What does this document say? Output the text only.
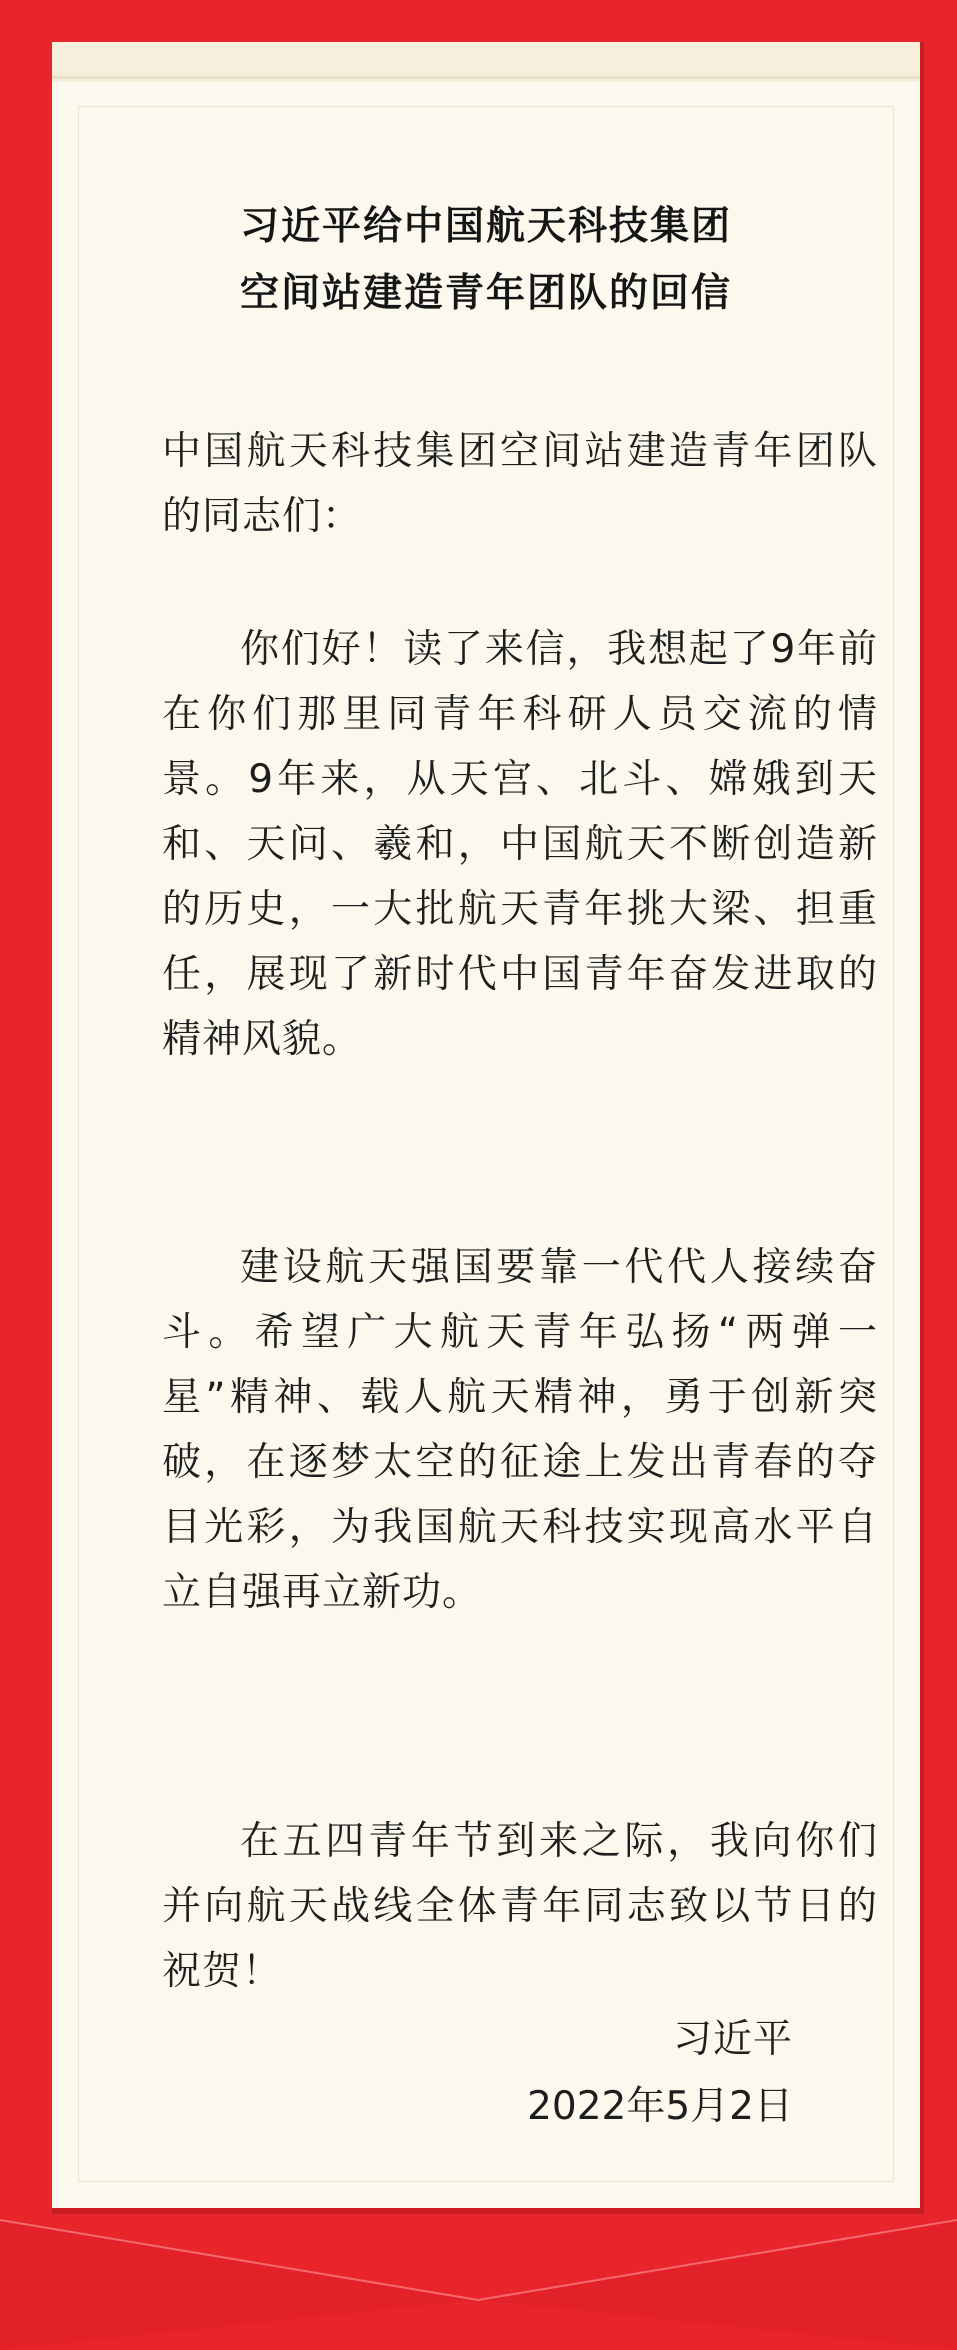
习近平给中国航天科技集团
空间站建造青年团队的回信

中国航天科技集团空间站建造青年团队的同志们：

你们好！读了来信，我想起了9年前在你们那里同青年科研人员交流的情景。9年来，从天宫、北斗、嫦娥到天和、天问、羲和，中国航天不断创造新的历史，一大批航天青年挑大梁、担重任，展现了新时代中国青年奋发进取的精神风貌。

建设航天强国要靠一代代人接续奋斗。希望广大航天青年弘扬“两弹一星”精神、载人航天精神，勇于创新突破，在逐梦太空的征途上发出青春的夺目光彩，为我国航天科技实现高水平自立自强再立新功。

在五四青年节到来之际，我向你们并向航天战线全体青年同志致以节日的祝贺！

习近平

2022年5月2日
